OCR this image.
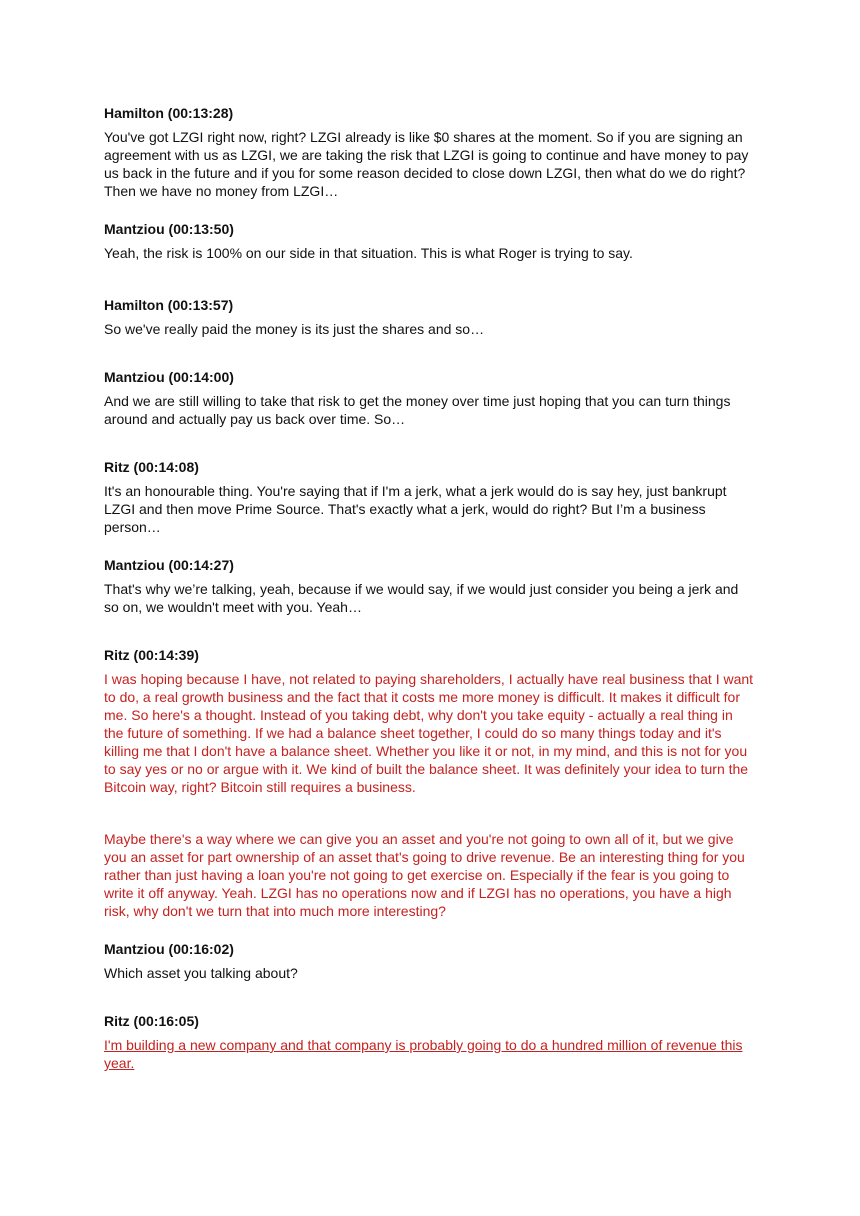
Hamilton (00:13:28)

You've got LZGI right now, right? LZGI already is like $0 shares at the moment. So if you are signing an agreement with us as LZGI, we are taking the risk that LZGI is going to continue and have money to pay us back in the future and if you for some reason decided to close down LZGI, then what do we do right? Then we have no money from LZGI…

Mantziou (00:13:50)

Yeah, the risk is 100% on our side in that situation. This is what Roger is trying to say.

Hamilton (00:13:57)

So we've really paid the money is its just the shares and so…

Mantziou (00:14:00)

And we are still willing to take that risk to get the money over time just hoping that you can turn things around and actually pay us back over time. So…

Ritz (00:14:08)

It's an honourable thing. You're saying that if I'm a jerk, what a jerk would do is say hey, just bankrupt LZGI and then move Prime Source. That's exactly what a jerk, would do right? But I’m a business person…

Mantziou (00:14:27)

That's why we’re talking, yeah, because if we would say, if we would just consider you being a jerk and so on, we wouldn't meet with you. Yeah…

Ritz (00:14:39)

I was hoping because I have, not related to paying shareholders, I actually have real business that I want to do, a real growth business and the fact that it costs me more money is difficult. It makes it difficult for me. So here's a thought. Instead of you taking debt, why don't you take equity - actually a real thing in the future of something. If we had a balance sheet together, I could do so many things today and it's killing me that I don't have a balance sheet. Whether you like it or not, in my mind, and this is not for you to say yes or no or argue with it. We kind of built the balance sheet. It was definitely your idea to turn the Bitcoin way, right? Bitcoin still requires a business.

Maybe there's a way where we can give you an asset and you're not going to own all of it, but we give you an asset for part ownership of an asset that's going to drive revenue. Be an interesting thing for you rather than just having a loan you're not going to get exercise on. Especially if the fear is you going to write it off anyway. Yeah. LZGI has no operations now and if LZGI has no operations, you have a high risk, why don't we turn that into much more interesting?

Mantziou (00:16:02)

Which asset you talking about?

Ritz (00:16:05)

I'm building a new company and that company is probably going to do a hundred million of revenue this year.
